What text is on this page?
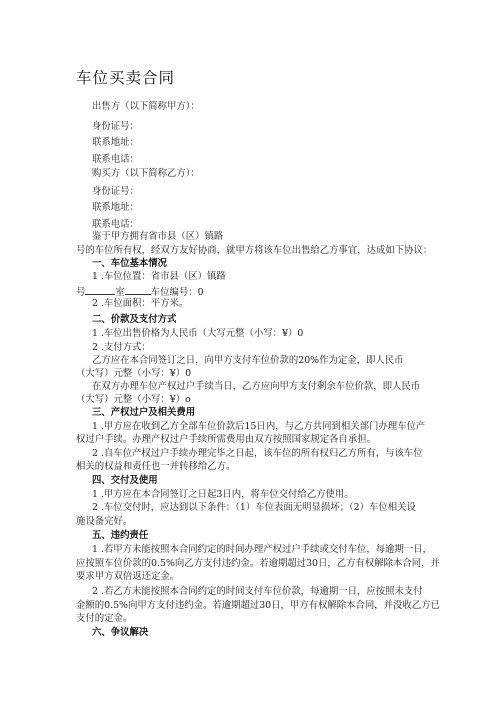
车位买卖合同
出售方（以下简称甲方）：
身份证号：
联系地址：
联系电话：
购买方（以下简称乙方）：
身份证号：
联系地址：
联系电话：
鉴于甲方拥有省市县（区）镇路
号的车位所有权，经双方友好协商，就甲方将该车位出售给乙方事宜，达成如下协议：
一、车位基本情况
1 .车位位置：省市县（区）镇路
号	室	车位编号：0
2 .车位面积：平方米。
二、价款及支付方式
1 .车位出售价格为人民币（大写元整（小写：¥）0
2 .支付方式：
乙方应在本合同签订之日，向甲方支付车位价款的20%作为定金，即人民币
（大写）元整（小写：¥）0
在双方办理车位产权过户手续当日，乙方应向甲方支付剩余车位价款，即人民币
（大写）元整（小写：¥）o
三、产权过户及相关费用
1 .甲方应在收到乙方全部车位价款后15日内，与乙方共同到相关部门办理车位产
权过户手续。办理产权过户手续所需费用由双方按照国家规定各自承担。
2 .自车位产权过户手续办理完毕之日起，该车位的所有权归乙方所有，与该车位
相关的权益和责任也一并转移给乙方。
四、交付及使用
1 .甲方应在本合同签订之日起3日内，将车位交付给乙方使用。
2 .车位交付时，应达到以下条件：（1）车位表面无明显损坏；（2）车位相关设
施设备完好。
五、违约责任
1 .若甲方未能按照本合同约定的时间办理产权过户手续或交付车位，每逾期一日，
应按照车位价款的0.5%向乙方支付违约金。若逾期超过30日，乙方有权解除本合同，并
要求甲方双倍返还定金。
2 .若乙方未能按照本合同约定的时间支付车位价款，每逾期一日，应按照未支付
金额的0.5%向甲方支付违约金。若逾期超过30日，甲方有权解除本合同，并没收乙方已
支付的定金。
六、争议解决
